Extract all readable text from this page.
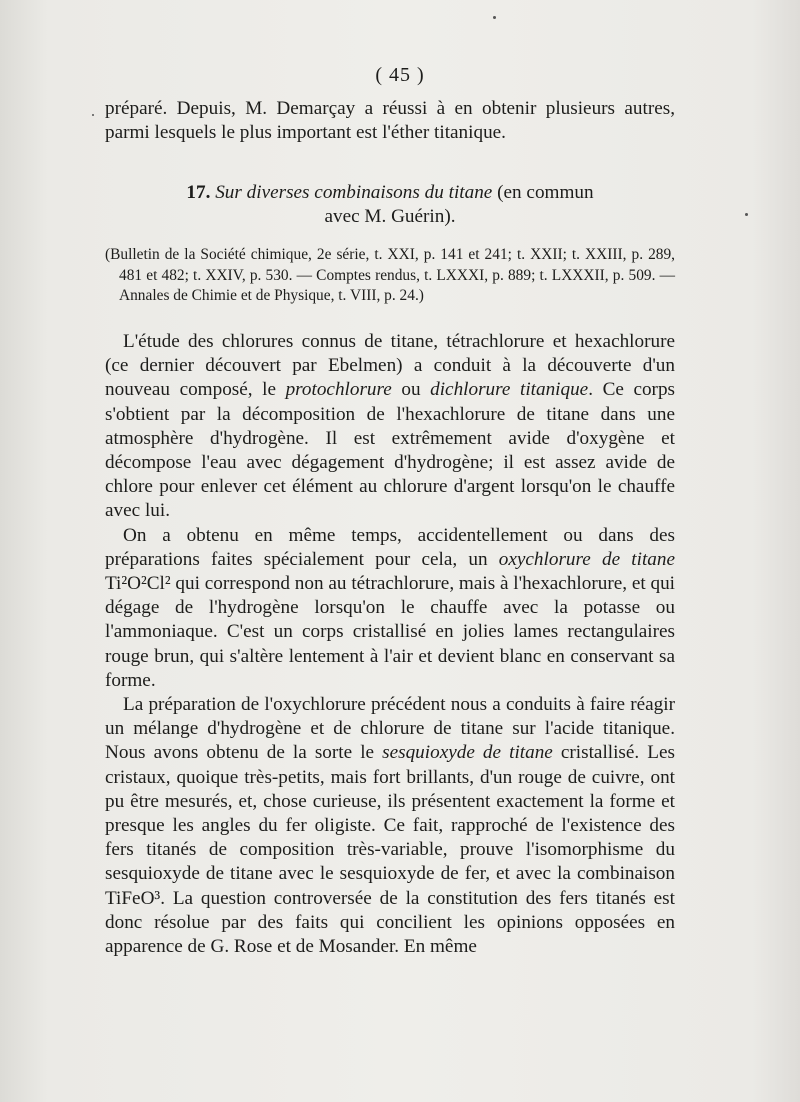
( 45 )

préparé. Depuis, M. Demarçay a réussi à en obtenir plusieurs autres, parmi lesquels le plus important est l'éther titanique.

17. Sur diverses combinaisons du titane (en commun
avec M. Guérin).

(Bulletin de la Société chimique, 2e série, t. XXI, p. 141 et 241; t. XXII; t. XXIII, p. 289, 481 et 482; t. XXIV, p. 530. — Comptes rendus, t. LXXXI, p. 889; t. LXXXII, p. 509. — Annales de Chimie et de Physique, t. VIII, p. 24.)

L'étude des chlorures connus de titane, tétrachlorure et hexachlorure (ce dernier découvert par Ebelmen) a conduit à la découverte d'un nouveau composé, le protochlorure ou dichlorure titanique. Ce corps s'obtient par la décomposition de l'hexachlorure de titane dans une atmosphère d'hydrogène. Il est extrêmement avide d'oxygène et décompose l'eau avec dégagement d'hydrogène; il est assez avide de chlore pour enlever cet élément au chlorure d'argent lorsqu'on le chauffe avec lui.

On a obtenu en même temps, accidentellement ou dans des préparations faites spécialement pour cela, un oxychlorure de titane Ti²O²Cl² qui correspond non au tétrachlorure, mais à l'hexachlorure, et qui dégage de l'hydrogène lorsqu'on le chauffe avec la potasse ou l'ammoniaque. C'est un corps cristallisé en jolies lames rectangulaires rouge brun, qui s'altère lentement à l'air et devient blanc en conservant sa forme.

La préparation de l'oxychlorure précédent nous a conduits à faire réagir un mélange d'hydrogène et de chlorure de titane sur l'acide titanique. Nous avons obtenu de la sorte le sesquioxyde de titane cristallisé. Les cristaux, quoique très-petits, mais fort brillants, d'un rouge de cuivre, ont pu être mesurés, et, chose curieuse, ils présentent exactement la forme et presque les angles du fer oligiste. Ce fait, rapproché de l'existence des fers titanés de composition très-variable, prouve l'isomorphisme du sesquioxyde de titane avec le sesquioxyde de fer, et avec la combinaison TiFeO³. La question controversée de la constitution des fers titanés est donc résolue par des faits qui concilient les opinions opposées en apparence de G. Rose et de Mosander. En même
